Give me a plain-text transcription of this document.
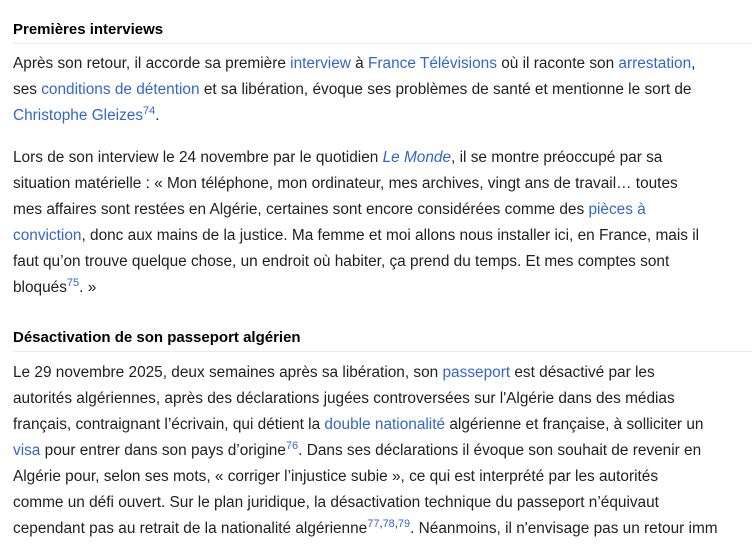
Premières interviews
Après son retour, il accorde sa première interview à France Télévisions où il raconte son arrestation,
ses conditions de détention et sa libération, évoque ses problèmes de santé et mentionne le sort de
Christophe Gleizes$^{74}$.
Lors de son interview le 24 novembre par le quotidien Le Monde, il se montre préoccupé par sa
situation matérielle : « Mon téléphone, mon ordinateur, mes archives, vingt ans de travail… toutes
mes affaires sont restées en Algérie, certaines sont encore considérées comme des pièces à
conviction, donc aux mains de la justice. Ma femme et moi allons nous installer ici, en France, mais il
faut qu’on trouve quelque chose, un endroit où habiter, ça prend du temps. Et mes comptes sont
bloqués$^{75}$. »
Désactivation de son passeport algérien
Le 29 novembre 2025, deux semaines après sa libération, son passeport est désactivé par les
autorités algériennes, après des déclarations jugées controversées sur l'Algérie dans des médias
français, contraignant l’écrivain, qui détient la double nationalité algérienne et française, à solliciter un
visa pour entrer dans son pays d’origine$^{76}$. Dans ses déclarations il évoque son souhait de revenir en
Algérie pour, selon ses mots, « corriger l’injustice subie », ce qui est interprété par les autorités
comme un défi ouvert. Sur le plan juridique, la désactivation technique du passeport n’équivaut
cependant pas au retrait de la nationalité algérienne$^{77,78,79}$. Néanmoins, il n'envisage pas un retour imm
